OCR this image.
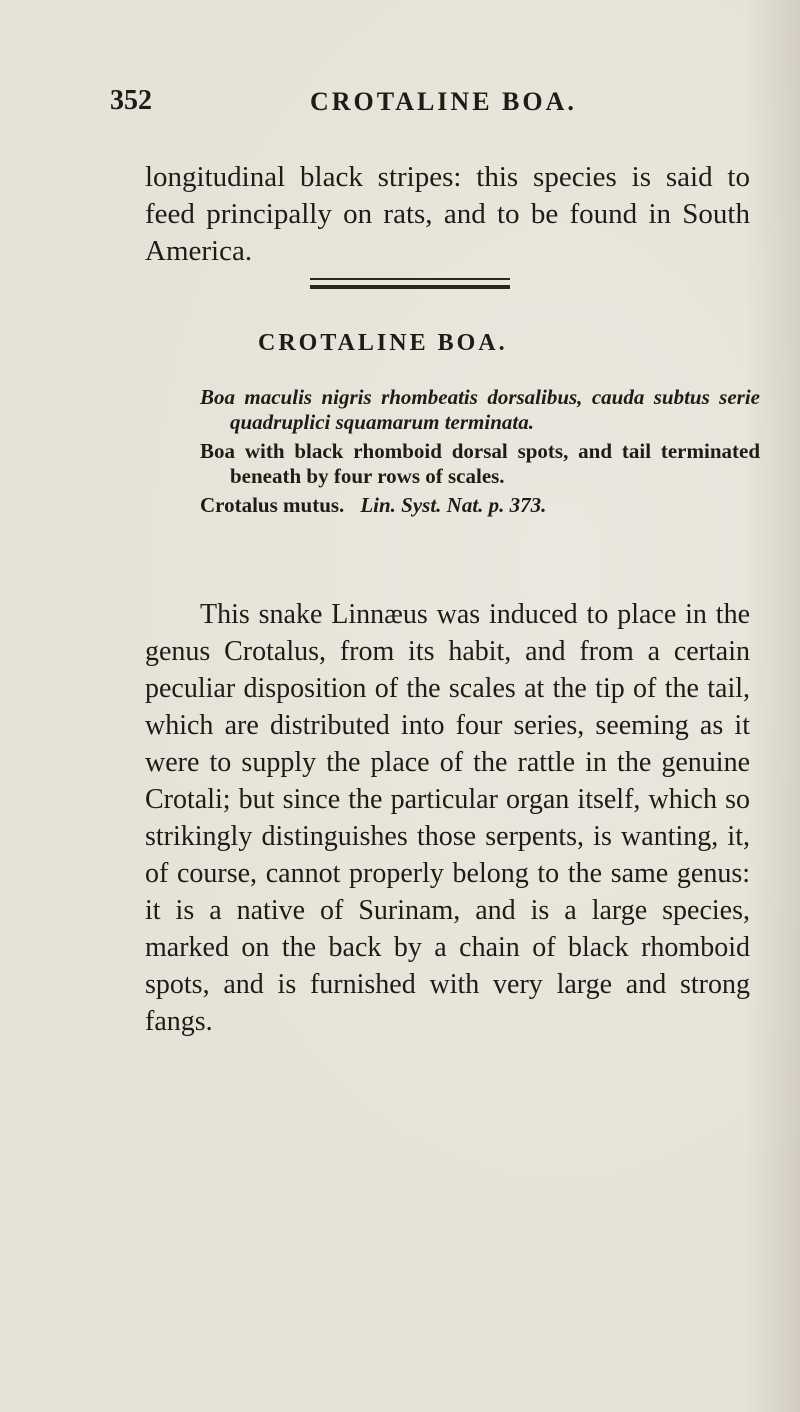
352	CROTALINE BOA.

longitudinal black stripes: this species is said to feed principally on rats, and to be found in South America.

CROTALINE BOA.

Boa maculis nigris rhombeatis dorsalibus, cauda subtus serie quadruplici squamarum terminata.

Boa with black rhomboid dorsal spots, and tail terminated beneath by four rows of scales.

Crotalus mutus. Lin. Syst. Nat. p. 373.

This snake Linnæus was induced to place in the genus Crotalus, from its habit, and from a certain peculiar disposition of the scales at the tip of the tail, which are distributed into four series, seeming as it were to supply the place of the rattle in the genuine Crotali; but since the particular organ itself, which so strikingly distinguishes those serpents, is wanting, it, of course, cannot properly belong to the same genus: it is a native of Surinam, and is a large species, marked on the back by a chain of black rhomboid spots, and is furnished with very large and strong fangs.
